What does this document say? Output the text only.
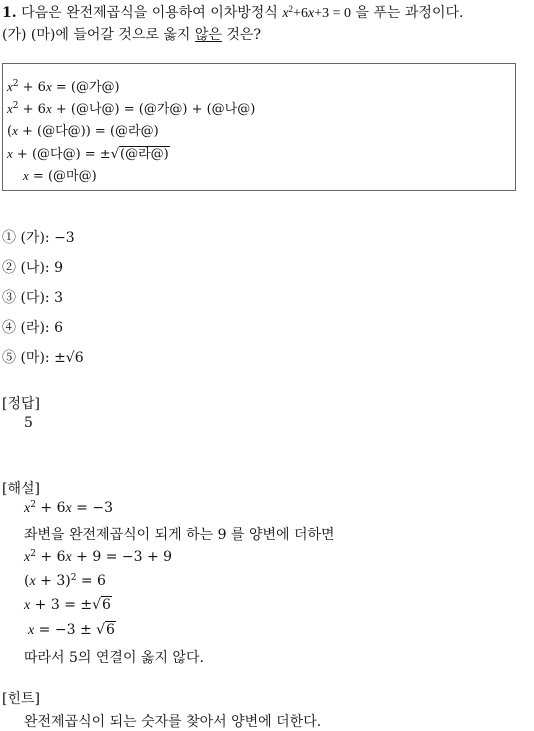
1. 다음은 완전제곱식을 이용하여 이차방정식 $x^2+6x+3 = 0$ 을 푸는 과정이다.
(가) (마)에 들어갈 것으로 옳지 않은 것은?
$x^2 + 6x$ = (@가@)
$x^2 + 6x$ + (@나@) = (@가@) + (@나@)
(x + (@다@)) = (@라@)
x + (@다@) = ±√(@라@)
x = (@마@)
① (가): −3
② (나): 9
③ (다): 3
④ (라): 6
⑤ (마): ±√6
[정답]
5
[해설]
$x^2 + 6x = -3$
좌변을 완전제곱식이 되게 하는 9 를 양변에 더하면
$x^2 + 6x + 9 = -3 + 9$
$(x + 3)^2 = 6$
x + 3 = ±√6
x = −3 ± √6
따라서 5의 연결이 옳지 않다.
[힌트]
완전제곱식이 되는 숫자를 찾아서 양변에 더한다.
